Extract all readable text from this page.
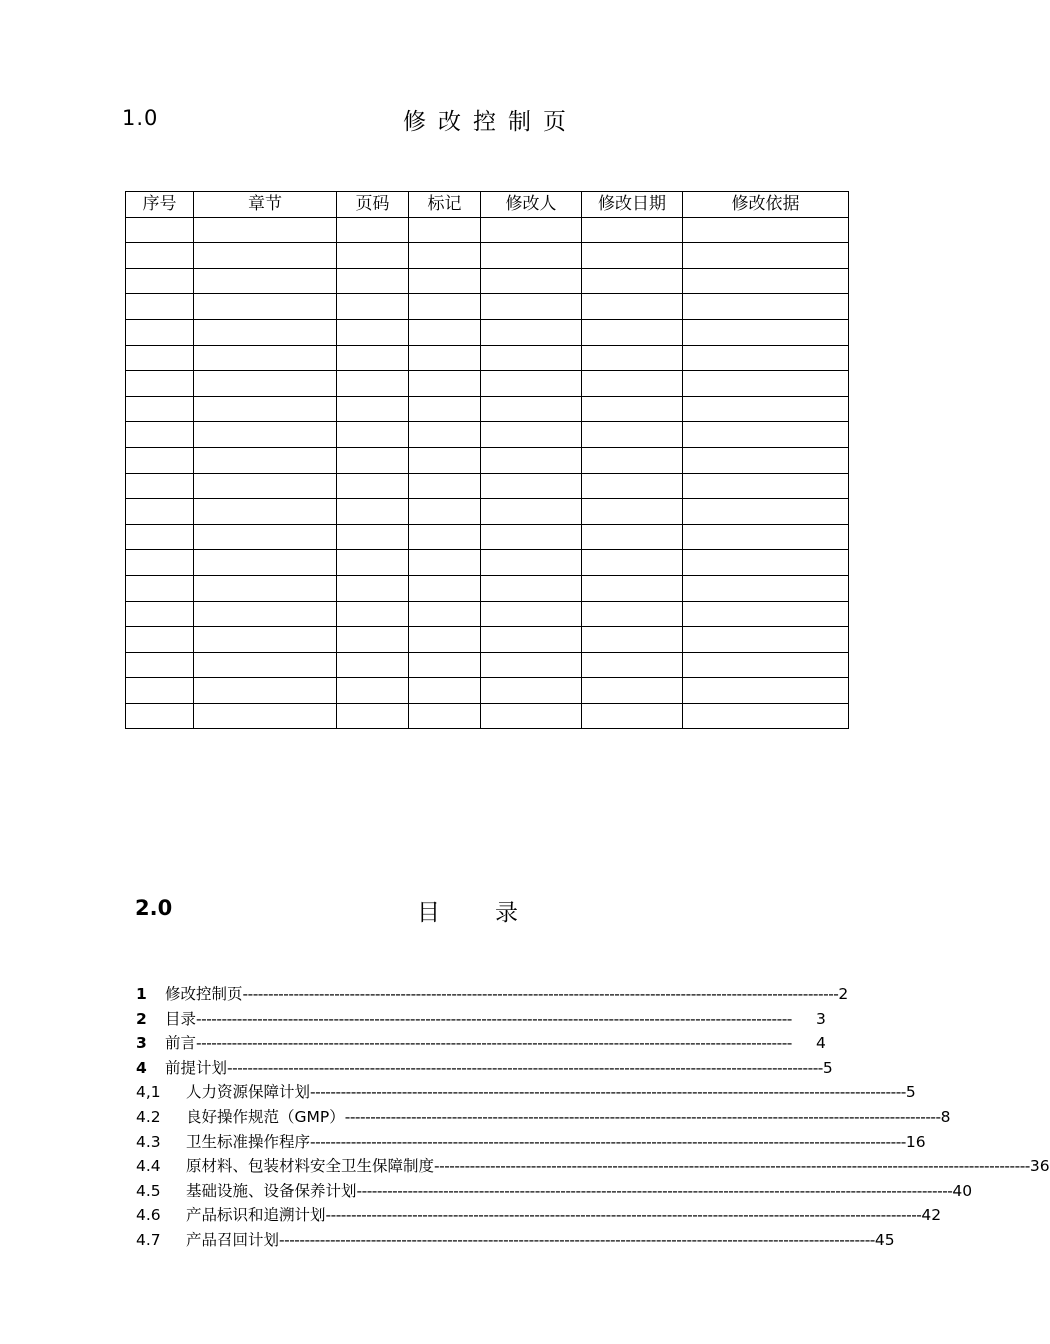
1.0	修改控制页
序号	章节	页码	标记	修改人	修改日期	修改依据

2.0	目录
1	修改控制页 --------------------------------------------------------------------------------------------------------------------- 2
2	目录 ---------------------------------------------------------------------------------------------------------------------	3
3	前言 ---------------------------------------------------------------------------------------------------------------------	4
4	前提计划 --------------------------------------------------------------------------------------------------------------------- 5
4,1	人力资源保障计划 --------------------------------------------------------------------------------------------------------------------- 5
4.2	良好操作规范（GMP） --------------------------------------------------------------------------------------------------------------------- 8
4.3	卫生标准操作程序 --------------------------------------------------------------------------------------------------------------------- 16
4.4	原材料、包装材料安全卫生保障制度 --------------------------------------------------------------------------------------------------------------------- 36
4.5	基础设施、设备保养计划 --------------------------------------------------------------------------------------------------------------------- 40
4.6	产品标识和追溯计划 --------------------------------------------------------------------------------------------------------------------- 42
4.7	产品召回计划 --------------------------------------------------------------------------------------------------------------------- 45
